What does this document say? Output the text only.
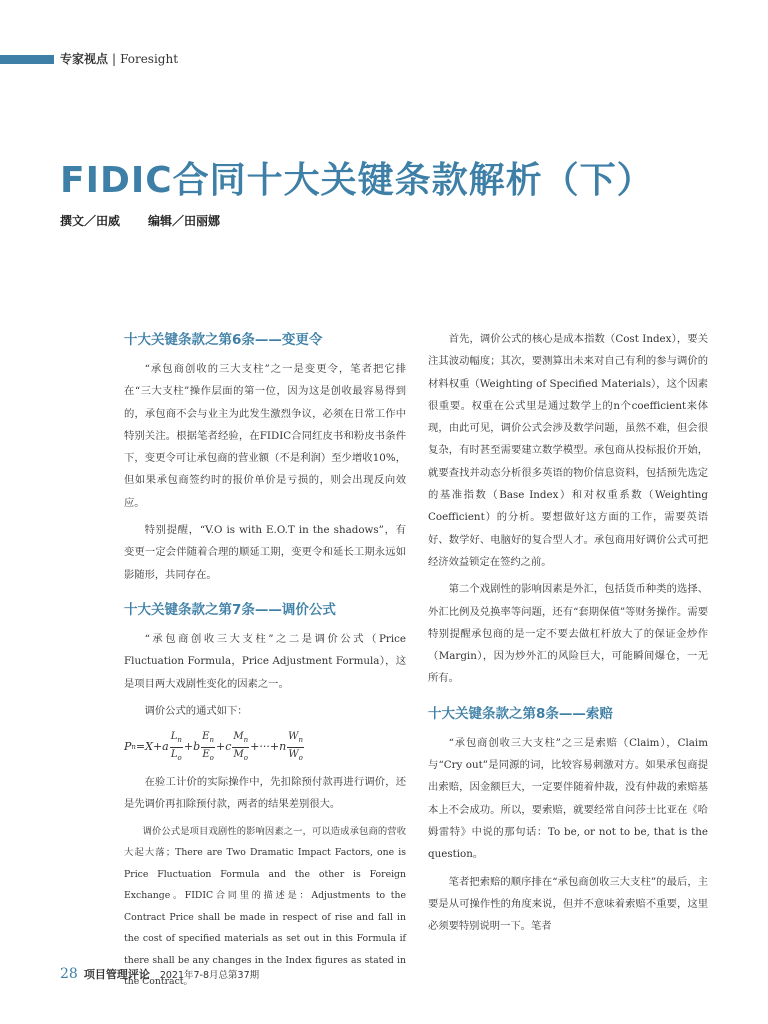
专家视点 | Foresight
FIDIC合同十大关键条款解析（下）
撰文／田威 编辑／田丽娜
十大关键条款之第6条——变更令

“承包商创收的三大支柱”之一是变更令，笔者把它排在“三大支柱”操作层面的第一位，因为这是创收最容易得到的，承包商不会与业主为此发生激烈争议，必须在日常工作中特别关注。根据笔者经验，在FIDIC合同红皮书和粉皮书条件下，变更令可让承包商的营业额（不是利润）至少增收10%，但如果承包商签约时的报价单价是亏损的，则会出现反向效应。

特别提醒，“V.O is with E.O.T in the shadows”，有变更一定会伴随着合理的顺延工期，变更令和延长工期永远如影随形，共同存在。

十大关键条款之第7条——调价公式

“承包商创收三大支柱”之二是调价公式（Price Fluctuation Formula，Price Adjustment Formula），这是项目两大戏剧性变化的因素之一。

调价公式的通式如下：

P $n =X+a \frac{L_n}{L_o} +b \frac{E_n}{E_o} +c \frac{M_n}{M_o} +\cdot\cdot\cdot+n \frac{W_n}{W_o}$

在验工计价的实际操作中，先扣除预付款再进行调价，还是先调价再扣除预付款，两者的结果差别很大。

调价公式是项目戏剧性的影响因素之一，可以造成承包商的营收大起大落；There are Two Dramatic Impact Factors, one is Price Fluctuation Formula and the other is Foreign Exchange。FIDIC合同里的描述是：Adjustments to the Contract Price shall be made in respect of rise and fall in the cost of specified materials as set out in this Formula if there shall be any changes in the Index figures as stated in the Contract。

首先，调价公式的核心是成本指数（Cost Index），要关注其波动幅度；其次，要测算出未来对自己有利的参与调价的材料权重（Weighting of Specified Materials），这个因素很重要。权重在公式里是通过数学上的n个coefficient来体现，由此可见，调价公式会涉及数学问题，虽然不难，但会很复杂，有时甚至需要建立数学模型。承包商从投标报价开始，就要查找并动态分析很多英语的物价信息资料，包括预先选定的基准指数（Base Index）和对权重系数（Weighting Coefficient）的分析。要想做好这方面的工作，需要英语好、数学好、电脑好的复合型人才。承包商用好调价公式可把经济效益锁定在签约之前。

第二个戏剧性的影响因素是外汇，包括货币种类的选择、外汇比例及兑换率等问题，还有“套期保值”等财务操作。需要特别提醒承包商的是一定不要去做杠杆放大了的保证金炒作（Margin），因为炒外汇的风险巨大，可能瞬间爆仓，一无所有。

十大关键条款之第8条——索赔

“承包商创收三大支柱”之三是索赔（Claim），Claim与“Cry out”是同源的词，比较容易刺激对方。如果承包商提出索赔，因金额巨大，一定要伴随着仲裁，没有仲裁的索赔基本上不会成功。所以，要索赔，就要经常自问莎士比亚在《哈姆雷特》中说的那句话：To be, or not to be, that is the question。

笔者把索赔的顺序排在“承包商创收三大支柱”的最后，主要是从可操作性的角度来说，但并不意味着索赔不重要，这里必须要特别说明一下。笔者

28 项目管理评论 2021年7-8月总第37期
